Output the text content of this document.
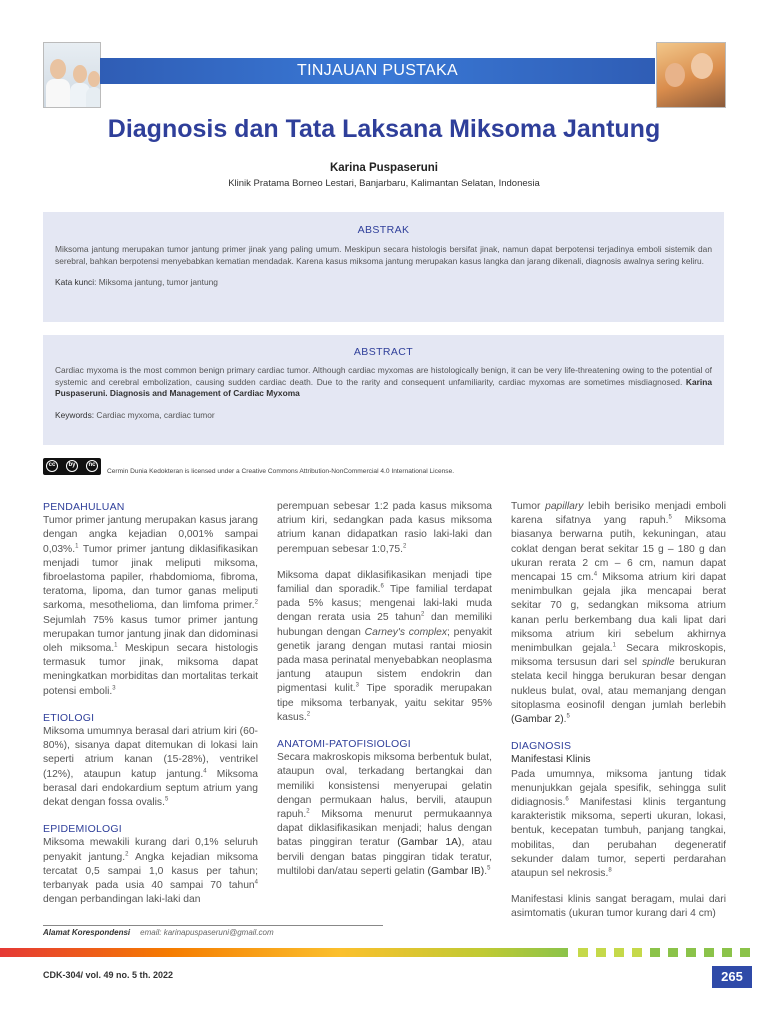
TINJAUAN PUSTAKA
Diagnosis dan Tata Laksana Miksoma Jantung
Karina Puspaseruni
Klinik Pratama Borneo Lestari, Banjarbaru, Kalimantan Selatan, Indonesia
ABSTRAK

Miksoma jantung merupakan tumor jantung primer jinak yang paling umum. Meskipun secara histologis bersifat jinak, namun dapat berpotensi terjadinya emboli sistemik dan serebral, bahkan berpotensi menyebabkan kematian mendadak. Karena kasus miksoma jantung merupakan kasus langka dan jarang dikenali, diagnosis awalnya sering keliru.

Kata kunci: Miksoma jantung, tumor jantung

ABSTRACT

Cardiac myxoma is the most common benign primary cardiac tumor. Although cardiac myxomas are histologically benign, it can be very life-threatening owing to the potential of systemic and cerebral embolization, causing sudden cardiac death. Due to the rarity and consequent unfamiliarity, cardiac myxomas are sometimes misdiagnosed. Karina Puspaseruni. Diagnosis and Management of Cardiac Myxoma

Keywords: Cardiac myxoma, cardiac tumor

cc	by	nc
Cermin Dunia Kedokteran is licensed under a Creative Commons Attribution-NonCommercial 4.0 International License.
PENDAHULUAN

Tumor primer jantung merupakan kasus jarang dengan angka kejadian 0,001% sampai 0,03%.$^1$ Tumor primer jantung diklasifikasikan menjadi tumor jinak meliputi miksoma, fibroelastoma papiler, rhabdomioma, fibroma, teratoma, lipoma, dan tumor ganas meliputi sarkoma, mesothelioma, dan limfoma primer.$^2$ Sejumlah 75% kasus tumor primer jantung merupakan tumor jantung jinak dan didominasi oleh miksoma.$^1$ Meskipun secara histologis termasuk tumor jinak, miksoma dapat meningkatkan morbiditas dan mortalitas terkait potensi emboli.$^3$

ETIOLOGI

Miksoma umumnya berasal dari atrium kiri (60-80%), sisanya dapat ditemukan di lokasi lain seperti atrium kanan (15-28%), ventrikel (12%), ataupun katup jantung.$^4$ Miksoma berasal dari endokardium septum atrium yang dekat dengan fossa ovalis.$^5$

EPIDEMIOLOGI

Miksoma mewakili kurang dari 0,1% seluruh penyakit jantung.$^2$ Angka kejadian miksoma tercatat 0,5 sampai 1,0 kasus per tahun; terbanyak pada usia 40 sampai 70 tahun$^4$ dengan perbandingan laki-laki dan

perempuan sebesar 1:2 pada kasus miksoma atrium kiri, sedangkan pada kasus miksoma atrium kanan didapatkan rasio laki-laki dan perempuan sebesar 1:0,75.$^2$

Miksoma dapat diklasifikasikan menjadi tipe familial dan sporadik.$^6$ Tipe familial terdapat pada 5% kasus; mengenai laki-laki muda dengan rerata usia 25 tahun$^2$ dan memiliki hubungan dengan Carney's complex; penyakit genetik jarang dengan mutasi rantai miosin pada masa perinatal menyebabkan neoplasma jantung ataupun sistem endokrin dan pigmentasi kulit.$^3$ Tipe sporadik merupakan tipe miksoma terbanyak, yaitu sekitar 95% kasus.$^2$

ANATOMI-PATOFISIOLOGI

Secara makroskopis miksoma berbentuk bulat, ataupun oval, terkadang bertangkai dan memiliki konsistensi menyerupai gelatin dengan permukaan halus, bervili, ataupun rapuh.$^2$ Miksoma menurut permukaannya dapat diklasifikasikan menjadi; halus dengan batas pinggiran teratur (Gambar 1A), atau bervili dengan batas pinggiran tidak teratur, multilobi dan/atau seperti gelatin (Gambar IB).$^5$

Tumor papillary lebih berisiko menjadi emboli karena sifatnya yang rapuh.$^5$ Miksoma biasanya berwarna putih, kekuningan, atau coklat dengan berat sekitar 15 g – 180 g dan ukuran rerata 2 cm – 6 cm, namun dapat mencapai 15 cm.$^4$ Miksoma atrium kiri dapat menimbulkan gejala jika mencapai berat sekitar 70 g, sedangkan miksoma atrium kanan perlu berkembang dua kali lipat dari miksoma atrium kiri sebelum akhirnya menimbulkan gejala.$^1$ Secara mikroskopis, miksoma tersusun dari sel spindle berukuran stelata kecil hingga berukuran besar dengan nukleus bulat, oval, atau memanjang dengan sitoplasma eosinofil dengan jumlah berlebih (Gambar 2).$^5$

DIAGNOSIS

Manifestasi Klinis

Pada umumnya, miksoma jantung tidak menunjukkan gejala spesifik, sehingga sulit didiagnosis.$^6$ Manifestasi klinis tergantung karakteristik miksoma, seperti ukuran, lokasi, bentuk, kecepatan tumbuh, panjang tangkai, mobilitas, dan perubahan degeneratif sekunder dalam tumor, seperti perdarahan ataupun sel nekrosis.$^8$

Manifestasi klinis sangat beragam, mulai dari asimtomatis (ukuran tumor kurang dari 4 cm)

Alamat Korespondensi email: karinapuspaseruni@gmail.com
CDK-304/ vol. 49 no. 5 th. 2022	265
